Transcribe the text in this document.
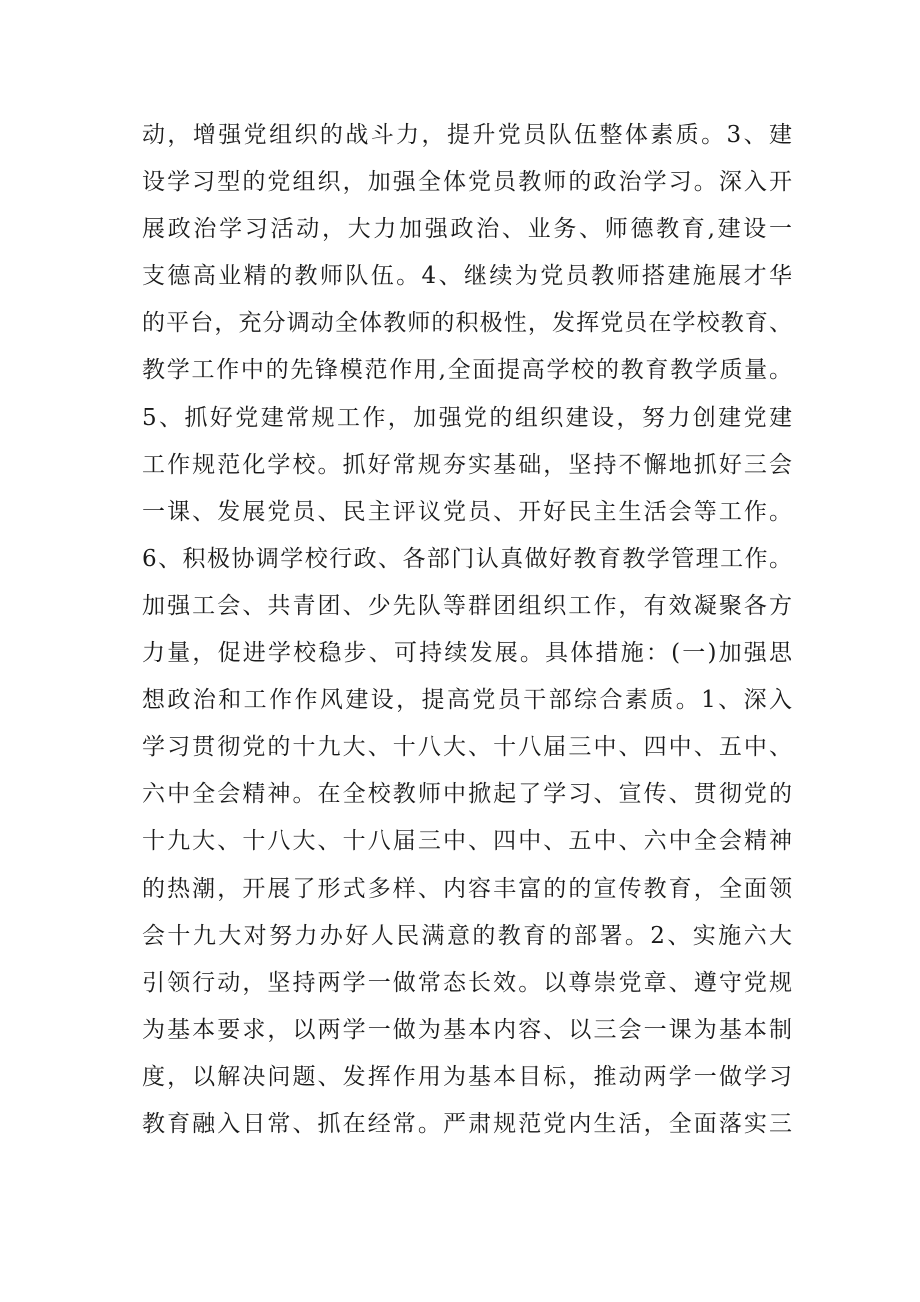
动，增强党组织的战斗力，提升党员队伍整体素质。3、建
设学习型的党组织，加强全体党员教师的政治学习。深入开
展政治学习活动，大力加强政治、业务、师德教育,建设一
支德高业精的教师队伍。4、继续为党员教师搭建施展才华
的平台，充分调动全体教师的积极性，发挥党员在学校教育、
教学工作中的先锋模范作用,全面提高学校的教育教学质量。
5、抓好党建常规工作，加强党的组织建设，努力创建党建
工作规范化学校。抓好常规夯实基础，坚持不懈地抓好三会
一课、发展党员、民主评议党员、开好民主生活会等工作。
6、积极协调学校行政、各部门认真做好教育教学管理工作。
加强工会、共青团、少先队等群团组织工作，有效凝聚各方
力量，促进学校稳步、可持续发展。具体措施：(一)加强思
想政治和工作作风建设，提高党员干部综合素质。1、深入
学习贯彻党的十九大、十八大、十八届三中、四中、五中、
六中全会精神。在全校教师中掀起了学习、宣传、贯彻党的
十九大、十八大、十八届三中、四中、五中、六中全会精神
的热潮，开展了形式多样、内容丰富的的宣传教育，全面领
会十九大对努力办好人民满意的教育的部署。2、实施六大
引领行动，坚持两学一做常态长效。以尊崇党章、遵守党规
为基本要求，以两学一做为基本内容、以三会一课为基本制
度，以解决问题、发挥作用为基本目标，推动两学一做学习
教育融入日常、抓在经常。严肃规范党内生活，全面落实三
